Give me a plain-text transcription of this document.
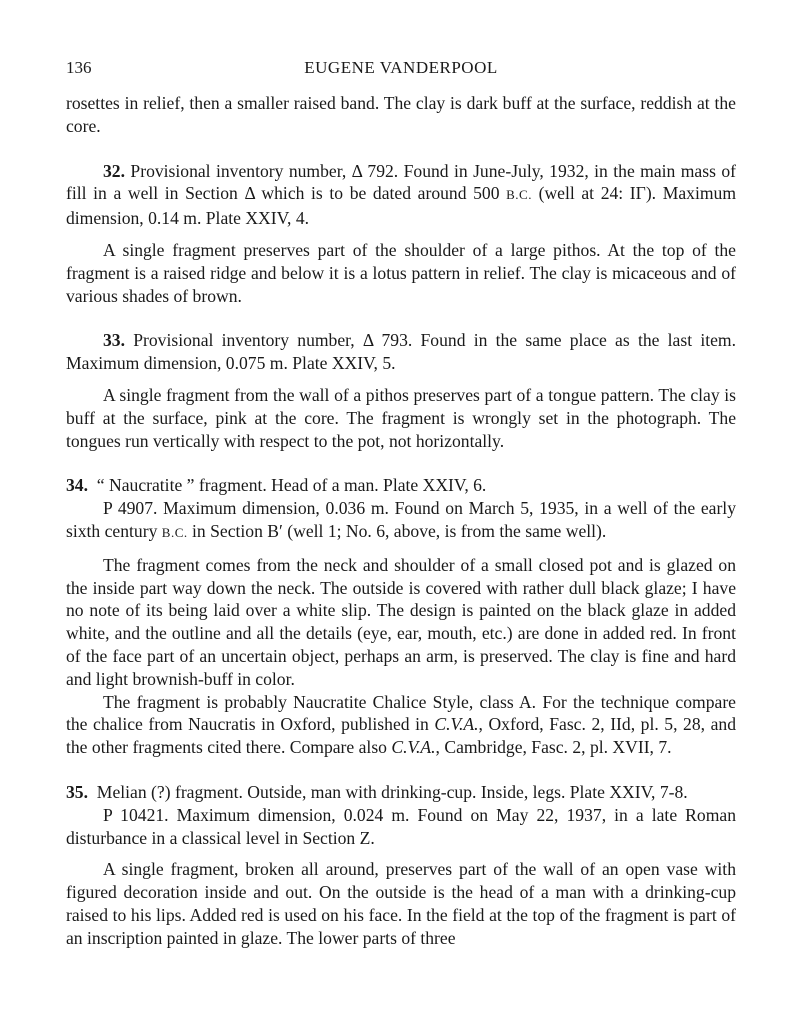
136	EUGENE VANDERPOOL

rosettes in relief, then a smaller raised band. The clay is dark buff at the surface, reddish at the core.

32. Provisional inventory number, Δ 792. Found in June-July, 1932, in the main mass of fill in a well in Section Δ which is to be dated around 500 B.C. (well at 24: ΙΓ). Maximum dimension, 0.14 m. Plate XXIV, 4.

A single fragment preserves part of the shoulder of a large pithos. At the top of the fragment is a raised ridge and below it is a lotus pattern in relief. The clay is micaceous and of various shades of brown.

33. Provisional inventory number, Δ 793. Found in the same place as the last item. Maximum dimension, 0.075 m. Plate XXIV, 5.

A single fragment from the wall of a pithos preserves part of a tongue pattern. The clay is buff at the surface, pink at the core. The fragment is wrongly set in the photograph. The tongues run vertically with respect to the pot, not horizontally.

34. “ Naucratite ” fragment. Head of a man. Plate XXIV, 6.

P 4907. Maximum dimension, 0.036 m. Found on March 5, 1935, in a well of the early sixth century B.C. in Section Β′ (well 1; No. 6, above, is from the same well).

The fragment comes from the neck and shoulder of a small closed pot and is glazed on the inside part way down the neck. The outside is covered with rather dull black glaze; I have no note of its being laid over a white slip. The design is painted on the black glaze in added white, and the outline and all the details (eye, ear, mouth, etc.) are done in added red. In front of the face part of an uncertain object, perhaps an arm, is preserved. The clay is fine and hard and light brownish-buff in color.

The fragment is probably Naucratite Chalice Style, class A. For the technique compare the chalice from Naucratis in Oxford, published in C.V.A., Oxford, Fasc. 2, IId, pl. 5, 28, and the other fragments cited there. Compare also C.V.A., Cambridge, Fasc. 2, pl. XVII, 7.

35. Melian (?) fragment. Outside, man with drinking-cup. Inside, legs. Plate XXIV, 7-8.

P 10421. Maximum dimension, 0.024 m. Found on May 22, 1937, in a late Roman disturbance in a classical level in Section Ζ.

A single fragment, broken all around, preserves part of the wall of an open vase with figured decoration inside and out. On the outside is the head of a man with a drinking-cup raised to his lips. Added red is used on his face. In the field at the top of the fragment is part of an inscription painted in glaze. The lower parts of three
